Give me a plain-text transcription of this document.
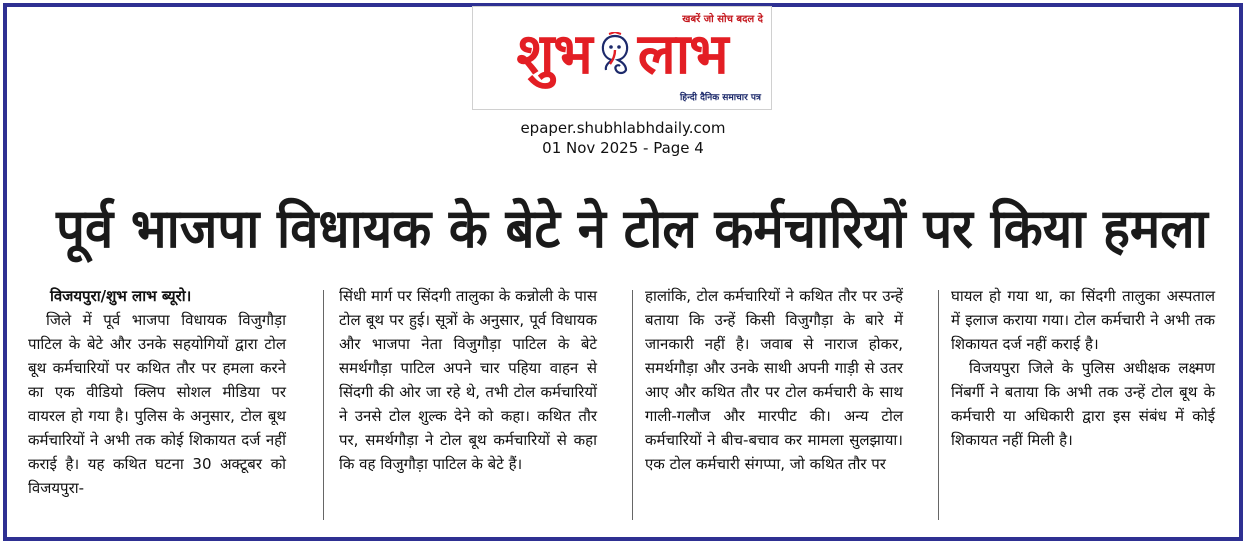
खबरें जो सोच बदल दे
शुभ लाभ
हिन्दी दैनिक समाचार पत्र
epaper.shubhlabhdaily.com
01 Nov 2025 - Page 4
पूर्व भाजपा विधायक के बेटे ने टोल कर्मचारियों पर किया हमला

विजयपुरा/शुभ लाभ ब्यूरो।

जिले में पूर्व भाजपा विधायक विजुगौड़ा पाटिल के बेटे और उनके सहयोगियों द्वारा टोल बूथ कर्मचारियों पर कथित तौर पर हमला करने का एक वीडियो क्लिप सोशल मीडिया पर वायरल हो गया है। पुलिस के अनुसार, टोल बूथ कर्मचारियों ने अभी तक कोई शिकायत दर्ज नहीं कराई है। यह कथित घटना 30 अक्टूबर को विजयपुरा-

सिंधी मार्ग पर सिंदगी तालुका के कन्नोली के पास टोल बूथ पर हुई। सूत्रों के अनुसार, पूर्व विधायक और भाजपा नेता विजुगौड़ा पाटिल के बेटे समर्थगौड़ा पाटिल अपने चार पहिया वाहन से सिंदगी की ओर जा रहे थे, तभी टोल कर्मचारियों ने उनसे टोल शुल्क देने को कहा। कथित तौर पर, समर्थगौड़ा ने टोल बूथ कर्मचारियों से कहा कि वह विजुगौड़ा पाटिल के बेटे हैं।

हालांकि, टोल कर्मचारियों ने कथित तौर पर उन्हें बताया कि उन्हें किसी विजुगौड़ा के बारे में जानकारी नहीं है। जवाब से नाराज होकर, समर्थगौड़ा और उनके साथी अपनी गाड़ी से उतर आए और कथित तौर पर टोल कर्मचारी के साथ गाली-गलौज और मारपीट की। अन्य टोल कर्मचारियों ने बीच-बचाव कर मामला सुलझाया। एक टोल कर्मचारी संगप्पा, जो कथित तौर पर

घायल हो गया था, का सिंदगी तालुका अस्पताल में इलाज कराया गया। टोल कर्मचारी ने अभी तक शिकायत दर्ज नहीं कराई है।

विजयपुरा जिले के पुलिस अधीक्षक लक्ष्मण निंबर्गी ने बताया कि अभी तक उन्हें टोल बूथ के कर्मचारी या अधिकारी द्वारा इस संबंध में कोई शिकायत नहीं मिली है।
